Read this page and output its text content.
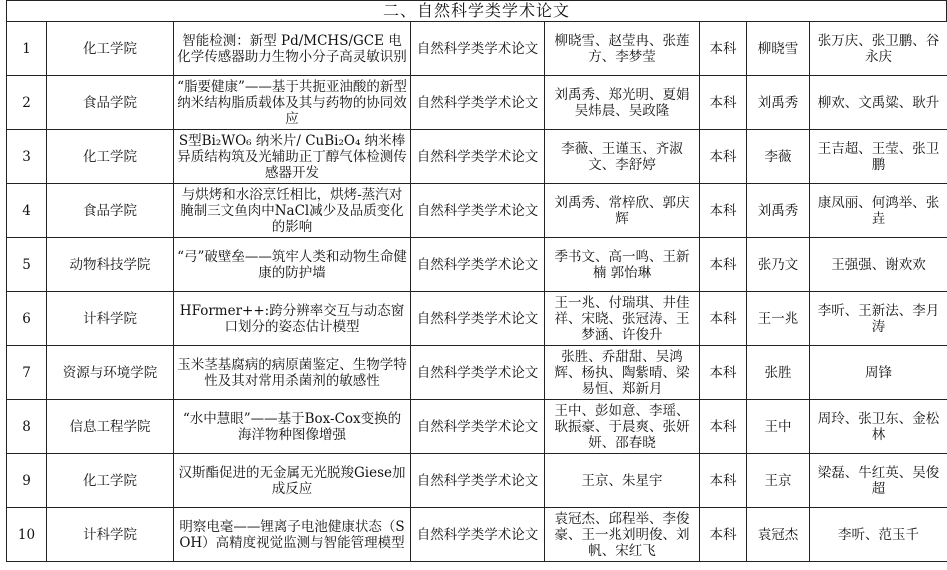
二、自然科学类学术论文
1	化工学院	智能检测：新型 Pd/MCHS/GCE 电化学传感器助力生物小分子高灵敏识别	自然科学类学术论文	柳晓雪、赵莹冉、张莲方、李梦莹	本科	柳晓雪	张万庆、张卫鹏、谷永庆
2	食品学院	“脂要健康”——基于共扼亚油酸的新型纳米结构脂质载体及其与药物的协同效应	自然科学类学术论文	刘禹秀、郑光明、夏娟吴炜晨、吴政隆	本科	刘禹秀	柳欢、文禹粱、耿升
3	化工学院	S型Bi₂WO₆ 纳米片/ CuBi₂O₄ 纳米棒异质结构筑及光辅助正丁醇气体检测传感器开发	自然科学类学术论文	李薇、王谨玉、齐淑文、李舒婷	本科	李薇	王吉超、王莹、张卫鹏
4	食品学院	与烘烤和水浴烹饪相比，烘烤-蒸汽对腌制三文鱼肉中NaCl减少及品质变化的影响	自然科学类学术论文	刘禹秀、常梓欣、郭庆辉	本科	刘禹秀	康凤丽、何鸿举、张垚
5	动物科技学院	“弓”破壁垒——筑牢人类和动物生命健康的防护墙	自然科学类学术论文	季书文、高一鸣、王新楠 郭怡琳	本科	张乃文	王强强、谢欢欢
6	计科学院	HFormer++:跨分辨率交互与动态窗口划分的姿态估计模型	自然科学类学术论文	王一兆、付瑞琪、井佳祥、宋晓、张冠涛、王梦涵、许俊升	本科	王一兆	李听、王新法、李月涛
7	资源与环境学院	玉米茎基腐病的病原菌鉴定、生物学特性及其对常用杀菌剂的敏感性	自然科学类学术论文	张胜、乔甜甜、吴鸿辉、杨执、陶紫晴、梁易恒、郑新月	本科	张胜	周锋
8	信息工程学院	“水中慧眼”——基于Box-Cox变换的海洋物种图像增强	自然科学类学术论文	王中、彭如意、李瑶、耿振豪、于晨爽、张妍妍、邵春晓	本科	王中	周玲、张卫东、金松林
9	化工学院	汉斯酯促进的无金属无光脱羧Giese加成反应	自然科学类学术论文	王京、朱星宇	本科	王京	梁磊、牛红英、吴俊超
10	计科学院	明察电毫——锂离子电池健康状态（SOH）高精度视觉监测与智能管理模型	自然科学类学术论文	袁冠杰、邱程举、李俊豪、王一兆刘明俊、刘帆、宋红飞	本科	袁冠杰	李听、范玉千
